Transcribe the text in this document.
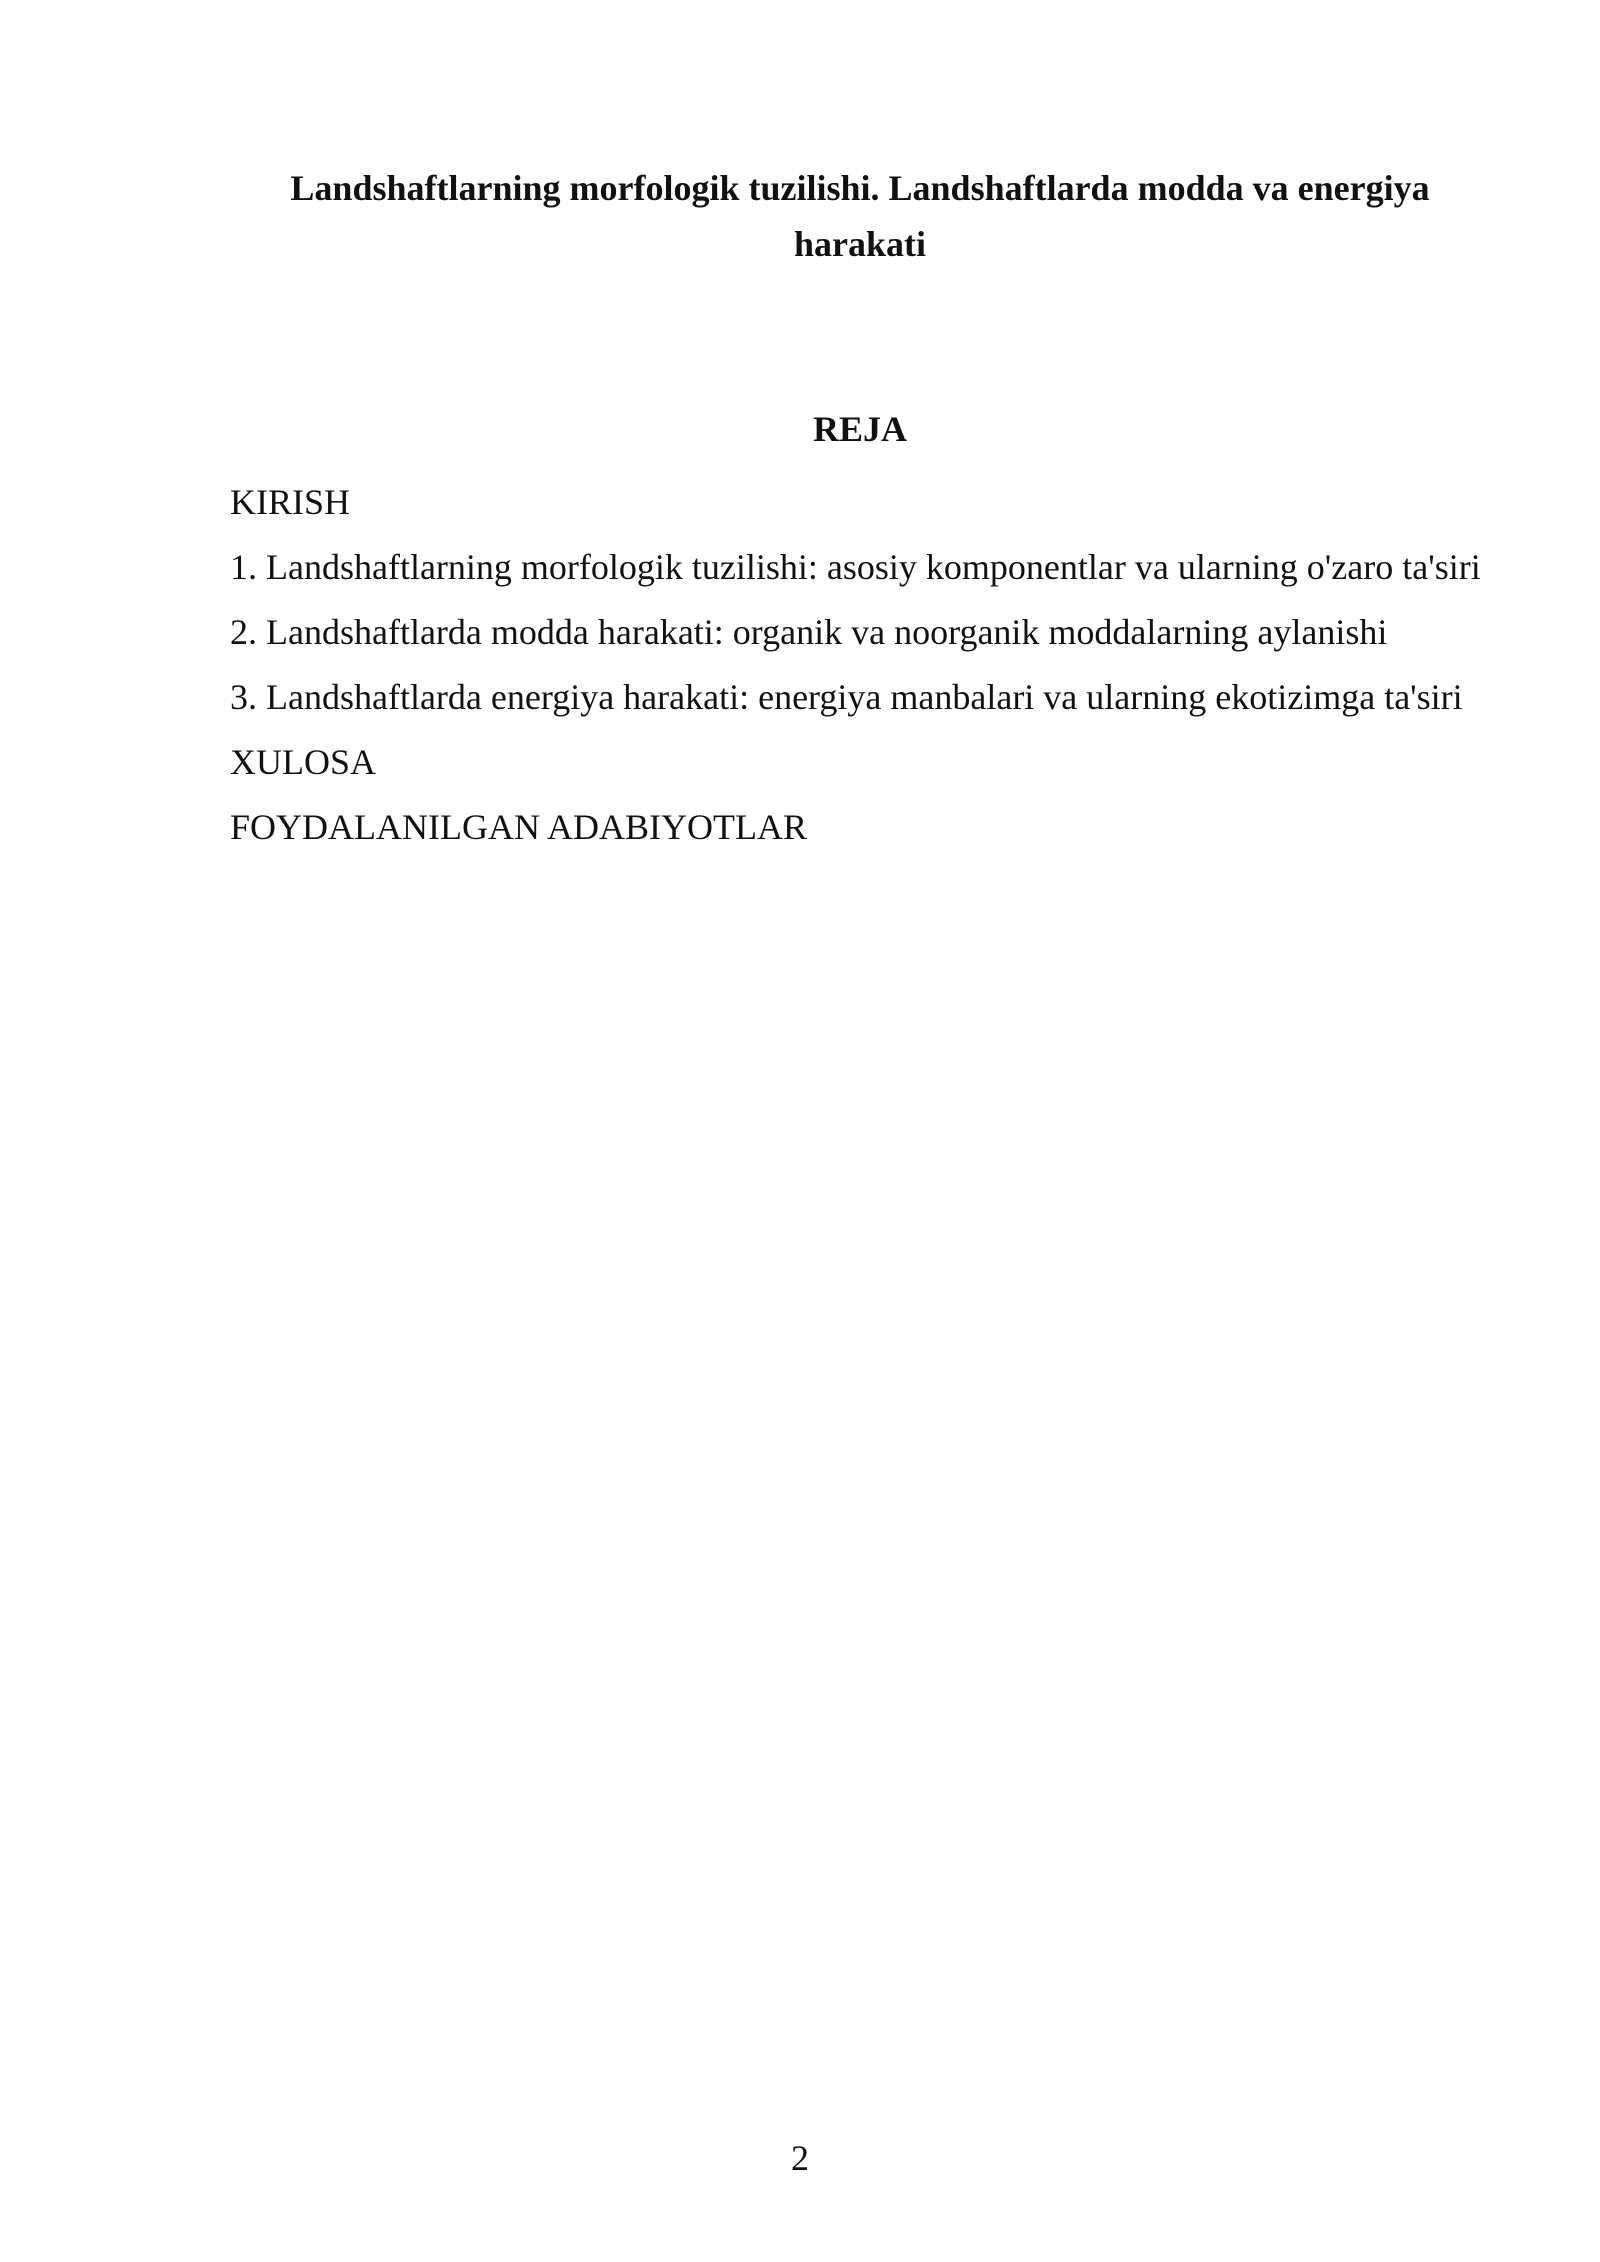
Landshaftlarning morfologik tuzilishi. Landshaftlarda modda va energiya harakati
REJA
KIRISH
1. Landshaftlarning morfologik tuzilishi: asosiy komponentlar va ularning o'zaro ta'siri
2. Landshaftlarda modda harakati: organik va noorganik moddalarning aylanishi
3. Landshaftlarda energiya harakati: energiya manbalari va ularning ekotizimga ta'siri
XULOSA
FOYDALANILGAN ADABIYOTLAR
2
